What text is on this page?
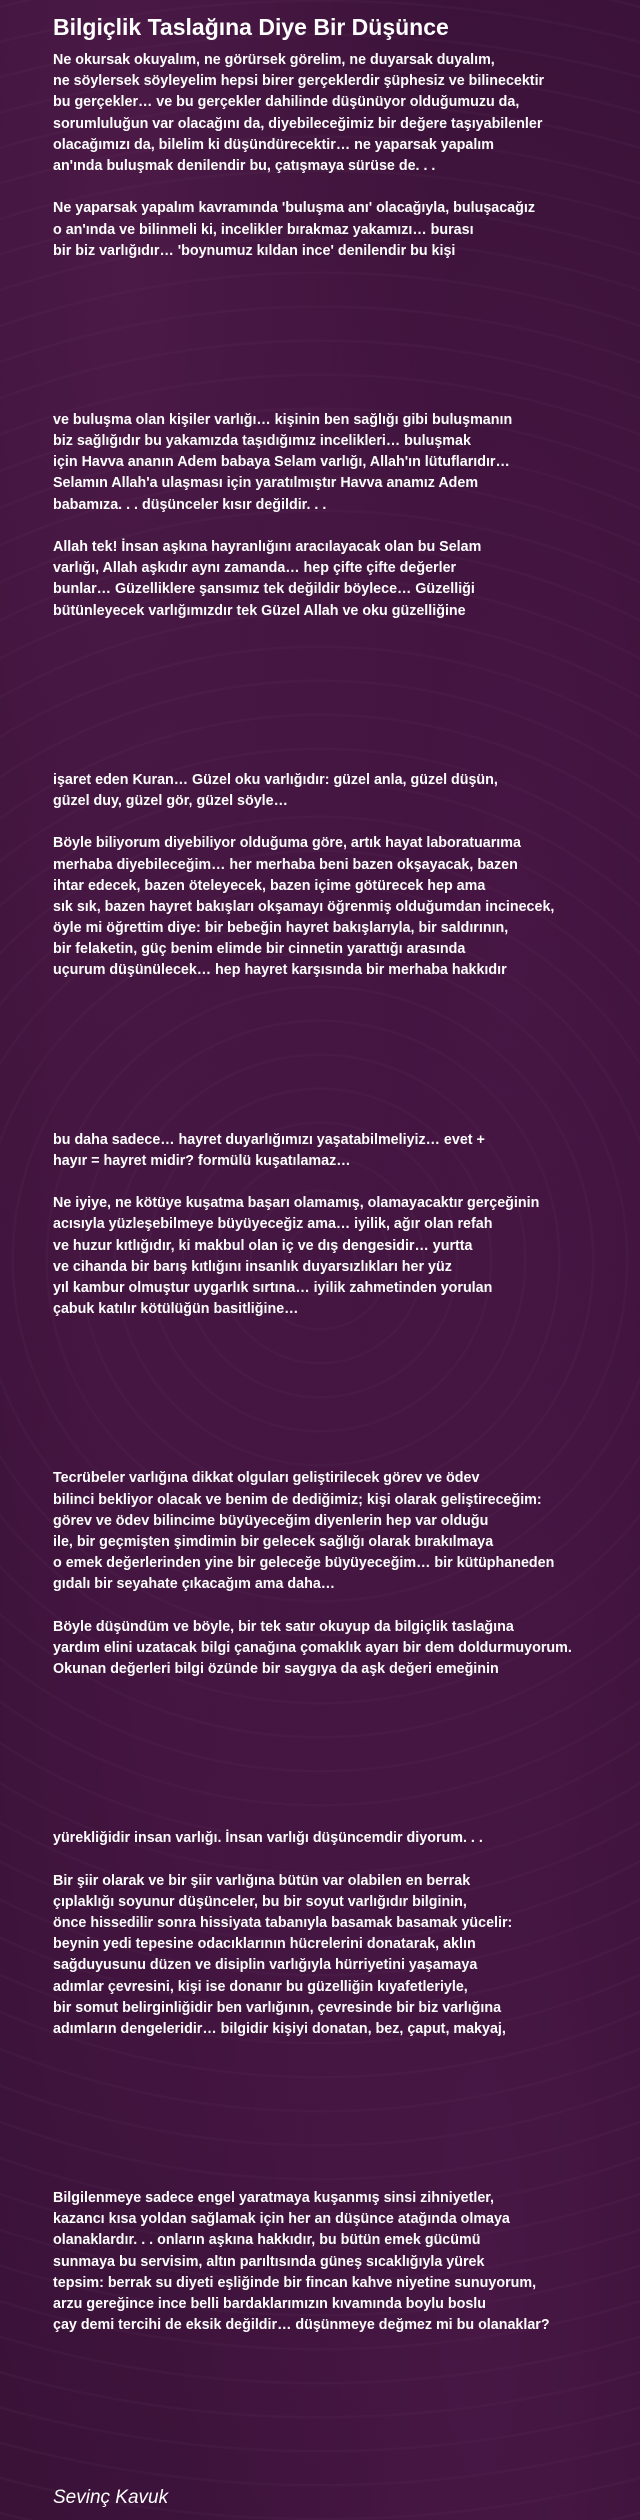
Bilgiçlik Taslağına Diye Bir Düşünce
Ne okursak okuyalım, ne görürsek görelim, ne duyarsak duyalım,
ne söylersek söyleyelim hepsi birer gerçeklerdir şüphesiz ve bilinecektir
bu gerçekler… ve bu gerçekler dahilinde düşünüyor olduğumuzu da,
sorumluluğun var olacağını da, diyebileceğimiz bir değere taşıyabilenler
olacağımızı da, bilelim ki düşündürecektir… ne yaparsak yapalım
an'ında buluşmak denilendir bu, çatışmaya sürüse de. . .
Ne yaparsak yapalım kavramında 'buluşma anı' olacağıyla, buluşacağız
o an'ında ve bilinmeli ki, incelikler bırakmaz yakamızı… burası
bir biz varlığıdır… 'boynumuz kıldan ince' denilendir bu kişi
ve buluşma olan kişiler varlığı… kişinin ben sağlığı gibi buluşmanın
biz sağlığıdır bu yakamızda taşıdığımız incelikleri… buluşmak
için Havva ananın Adem babaya Selam varlığı, Allah'ın lütuflarıdır…
Selamın Allah'a ulaşması için yaratılmıştır Havva anamız Adem
babamıza. . . düşünceler kısır değildir. . .
Allah tek! İnsan aşkına hayranlığını aracılayacak olan bu Selam
varlığı, Allah aşkıdır aynı zamanda… hep çifte çifte değerler
bunlar… Güzelliklere şansımız tek değildir böylece… Güzelliği
bütünleyecek varlığımızdır tek Güzel Allah ve oku güzelliğine
işaret eden Kuran… Güzel oku varlığıdır: güzel anla, güzel düşün,
güzel duy, güzel gör, güzel söyle…
Böyle biliyorum diyebiliyor olduğuma göre, artık hayat laboratuarıma
merhaba diyebileceğim… her merhaba beni bazen okşayacak, bazen
ihtar edecek, bazen öteleyecek, bazen içime götürecek hep ama
sık sık, bazen hayret bakışları okşamayı öğrenmiş olduğumdan incinecek,
öyle mi öğrettim diye: bir bebeğin hayret bakışlarıyla, bir saldırının,
bir felaketin, güç benim elimde bir cinnetin yarattığı arasında
uçurum düşünülecek… hep hayret karşısında bir merhaba hakkıdır
bu daha sadece… hayret duyarlığımızı yaşatabilmeliyiz… evet +
hayır = hayret midir? formülü kuşatılamaz…
Ne iyiye, ne kötüye kuşatma başarı olamamış, olamayacaktır gerçeğinin
acısıyla yüzleşebilmeye büyüyeceğiz ama… iyilik, ağır olan refah
ve huzur kıtlığıdır, ki makbul olan iç ve dış dengesidir… yurtta
ve cihanda bir barış kıtlığını insanlık duyarsızlıkları her yüz
yıl kambur olmuştur uygarlık sırtına… iyilik zahmetinden yorulan
çabuk katılır kötülüğün basitliğine…
Tecrübeler varlığına dikkat olguları geliştirilecek görev ve ödev
bilinci bekliyor olacak ve benim de dediğimiz; kişi olarak geliştireceğim:
görev ve ödev bilincime büyüyeceğim diyenlerin hep var olduğu
ile, bir geçmişten şimdimin bir gelecek sağlığı olarak bırakılmaya
o emek değerlerinden yine bir geleceğe büyüyeceğim… bir kütüphaneden
gıdalı bir seyahate çıkacağım ama daha…
Böyle düşündüm ve böyle, bir tek satır okuyup da bilgiçlik taslağına
yardım elini uzatacak bilgi çanağına çomaklık ayarı bir dem doldurmuyorum.
Okunan değerleri bilgi özünde bir saygıya da aşk değeri emeğinin
yürekliğidir insan varlığı. İnsan varlığı düşüncemdir diyorum. . .
Bir şiir olarak ve bir şiir varlığına bütün var olabilen en berrak
çıplaklığı soyunur düşünceler, bu bir soyut varlığıdır bilginin,
önce hissedilir sonra hissiyata tabanıyla basamak basamak yücelir:
beynin yedi tepesine odacıklarının hücrelerini donatarak, aklın
sağduyusunu düzen ve disiplin varlığıyla hürriyetini yaşamaya
adımlar çevresini, kişi ise donanır bu güzelliğin kıyafetleriyle,
bir somut belirginliğidir ben varlığının, çevresinde bir biz varlığına
adımların dengeleridir… bilgidir kişiyi donatan, bez, çaput, makyaj,
Bilgilenmeye sadece engel yaratmaya kuşanmış sinsi zihniyetler,
kazancı kısa yoldan sağlamak için her an düşünce atağında olmaya
olanaklardır. . . onların aşkına hakkıdır, bu bütün emek gücümü
sunmaya bu servisim, altın parıltısında güneş sıcaklığıyla yürek
tepsim: berrak su diyeti eşliğinde bir fincan kahve niyetine sunuyorum,
arzu gereğince ince belli bardaklarımızın kıvamında boylu boslu
çay demi tercihi de eksik değildir… düşünmeye değmez mi bu olanaklar?
Sevinç Kavuk
